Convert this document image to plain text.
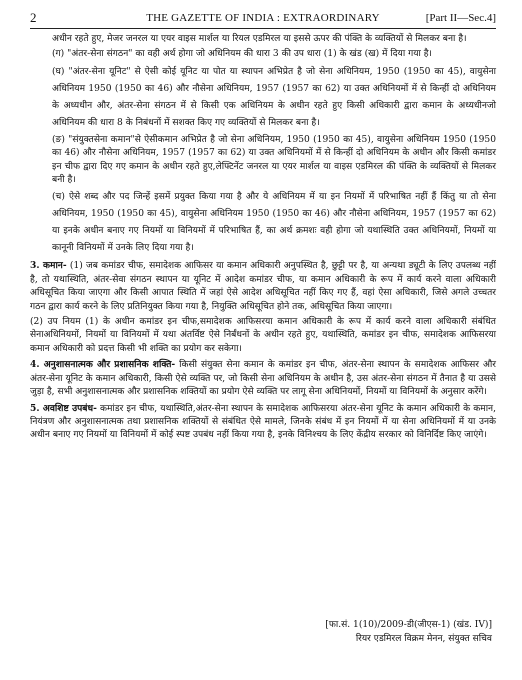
2	THE GAZETTE OF INDIA : EXTRAORDINARY	[Part II—Sec.4]

अधीन रहते हुए, मेजर जनरल या एयर वाइस मार्शल या रियल एडमिरल या इससे ऊपर की पंक्ति के व्यक्तियों से मिलकर बना है।

(ग) "अंतर-सेना संगठन" का वही अर्थ होगा जो अधिनियम की धारा 3 की उप धारा (1) के खंड (ख) में दिया गया है।

(घ) "अंतर-सेना यूनिट" से ऐसी कोई यूनिट या पोत या स्थापन अभिप्रेत है जो सेना अधिनियम, 1950 (1950 का 45), वायुसेना अधिनियम 1950 (1950 का 46) और नौसेना अधिनियम, 1957 (1957 का 62) या उक्त अधिनियमों में से किन्हीं दो अधिनियम के अध्यधीन और, अंतर-सेना संगठन में से किसी एक अधिनियम के अधीन रहते हुए किसी अधिकारी द्वारा कमान के अध्यधीनजो अधिनियम की धारा 8 के निबंधनों में सशक्त किए गए व्यक्तियों से मिलकर बना है।

(ङ) "संयुक्तसेना कमान"से ऐसीकमान अभिप्रेत है जो सेना अधिनियम, 1950 (1950 का 45), वायुसेना अधिनियम 1950 (1950 का 46) और नौसेना अधिनियम, 1957 (1957 का 62) या उक्त अधिनियमों में से किन्हीं दो अधिनियम के अधीन और किसी कमांडर इन चीफ द्वारा दिए गए कमान के अधीन रहते हुए,लेफ्टिनेंट जनरल या एयर मार्शल या वाइस एडमिरल की पंक्ति के व्यक्तियों से मिलकर बनी है।

(च) ऐसे शब्द और पद जिन्हें इसमें प्रयुक्त किया गया है और ये अधिनियम में या इन नियमों में परिभाषित नहीं हैं किंतु या तो सेना अधिनियम, 1950 (1950 का 45), वायुसेना अधिनियम 1950 (1950 का 46) और नौसेना अधिनियम, 1957 (1957 का 62) या इनके अधीन बनाए गए नियमों या विनियमों में परिभाषित हैं, का अर्थ क्रमशः वही होगा जो यथास्थिति उक्त अधिनियमों, नियमों या कानूनी विनियमों में उनके लिए दिया गया है।

3. कमान- (1) जब कमांडर चीफ, समादेशक आफिसर या कमान अधिकारी अनुपस्थित है, छुट्टी पर है, या अन्यथा ड्यूटी के लिए उपलब्ध नहीं है, तो यथास्थिति, अंतर-सेवा संगठन स्थापन या यूनिट में आदेश कमांडर चीफ, या कमान अधिकारी के रूप में कार्य करने वाला अधिकारी अधिसूचित किया जाएगा और किसी आपात स्थिति में जहां ऐसे आदेश अधिसूचित नहीं किए गए हैं, वहां ऐसा अधिकारी, जिसे अगले उच्चतर गठन द्वारा कार्य करने के लिए प्रतिनियुक्त किया गया है, नियुक्ति अधिसूचित होने तक, अधिसूचित किया जाएगा।

(2) उप नियम (1) के अधीन कमांडर इन चीफ,समादेशक आफिसरया कमान अधिकारी के रूप में कार्य करने वाला अधिकारी संबंधित सेनाअधिनियमों, नियमों या विनियमों में यथा अंतर्विष्ट ऐसे निर्बंधनों के अधीन रहते हुए, यथास्थिति, कमांडर इन चीफ, समादेशक आफिसरया कमान अधिकारी को प्रदत्त किसी भी शक्ति का प्रयोग कर सकेगा।

4. अनुशासनात्मक और प्रशासनिक शक्ति- किसी संयुक्त सेना कमान के कमांडर इन चीफ, अंतर-सेना स्थापन के समादेशक आफिसर और अंतर-सेना यूनिट के कमान अधिकारी, किसी ऐसे व्यक्ति पर, जो किसी सेना अधिनियम के अधीन है, उस अंतर-सेना संगठन में तैनात है या उससे जुड़ा है, सभी अनुशासनात्मक और प्रशासनिक शक्तियों का प्रयोग ऐसे व्यक्ति पर लागू सेना अधिनियमों, नियमों या विनियमों के अनुसार करेंगे।

5. अवशिष्ट उपबंध- कमांडर इन चीफ, यथास्थिति,अंतर-सेना स्थापन के समादेशक आफिसरया अंतर-सेना यूनिट के कमान अधिकारी के कमान, नियंत्रण और अनुशासनात्मक तथा प्रशासनिक शक्तियों से संबंधित ऐसे मामले, जिनके संबंध में इन नियमों में या सेना अधिनियमों में या उनके अधीन बनाए गए नियमों या विनियमों में कोई स्पष्ट उपबंध नहीं किया गया है, इनके विनिश्चय के लिए केंद्रीय सरकार को विनिर्दिष्ट किए जाएंगे।

[फा.सं. 1(10)/2009-डी(जीएस-1) (खंड. IV)]
रियर एडमिरल विक्रम मेनन, संयुक्त सचिव
